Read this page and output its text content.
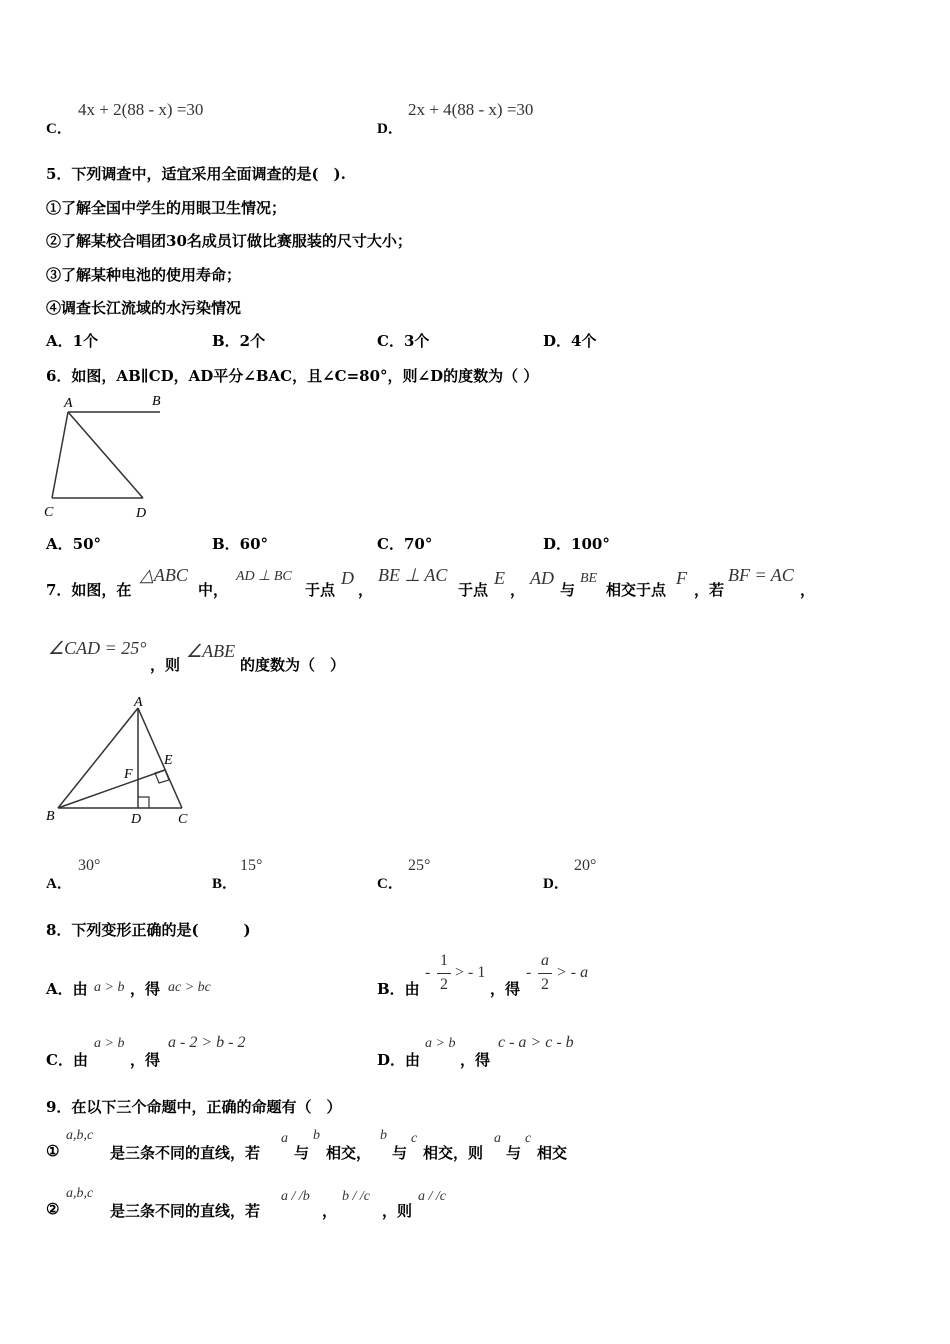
C．
4x + 2(88 - x) =30
D．
2x + 4(88 - x) =30
5．下列调查中，适宜采用全面调查的是(　).
①了解全国中学生的用眼卫生情况；
②了解某校合唱团30名成员订做比赛服装的尺寸大小；
③了解某种电池的使用寿命；
④调查长江流域的水污染情况
A．1个	B．2个	C．3个	D．4个
6．如图，AB∥CD，AD平分∠BAC，且∠C=80°，则∠D的度数为（ ）
A	B
C	D
A．50°	B．60°	C．70°	D．100°
7．如图，在
△ABC
中，
AD ⊥ BC
于点
D
，
BE ⊥ AC
于点
E
，
AD
与
BE
相交于点
F
，若
BF = AC
，
∠CAD = 25°
，则
∠ABE
的度数为（　）
A
B	C
D
E
F
A．
30°
B．
15°
C．
25°
D．
20°
8．下列变形正确的是(　　　)
A．由 a > b ，得 ac > bc	B．由
-
1
2
> - 1
，得
-
a
2
> - a
C．由
a > b
，得
a - 2 > b - 2
D．由
a > b
，得
c - a > c - b
9．在以下三个命题中，正确的命题有（　）
①
a,b,c
是三条不同的直线，若
a
与
b
相交，
b
与
c
相交，则
a
与
c
相交
②
a,b,c
是三条不同的直线，若
a / /b
，
b / /c
，则
a / /c
